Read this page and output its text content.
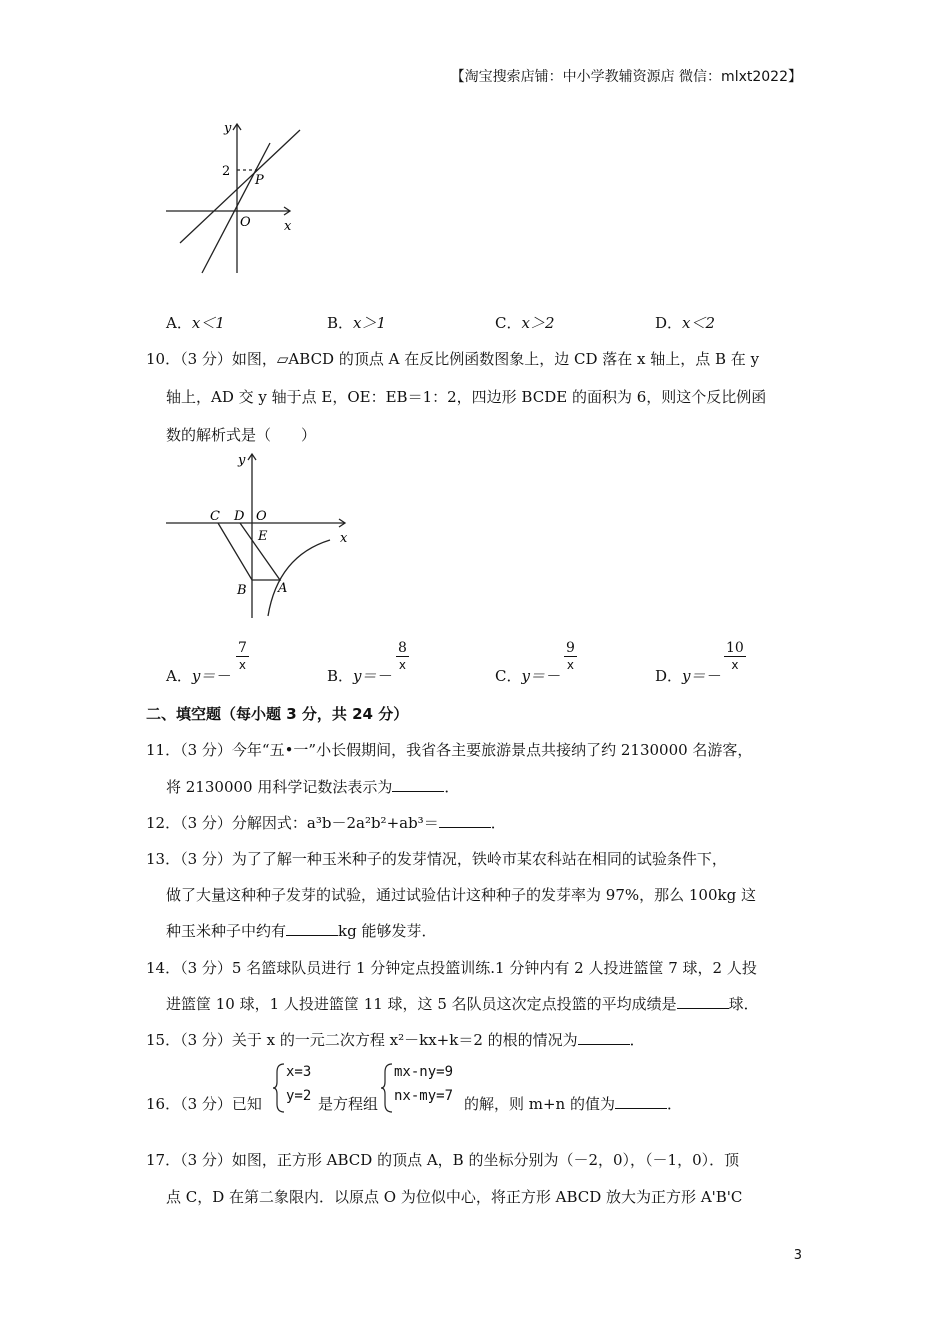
【淘宝搜索店铺：中小学教辅资源店 微信：mlxt2022】
y
x
O
P
2
A．x＜1	B．x＞1	C．x＞2	D．x＜2
10．（3 分）如图，▱ABCD 的顶点 A 在反比例函数图象上，边 CD 落在 x 轴上，点 B 在 y
轴上，AD 交 y 轴于点 E，OE：EB＝1：2，四边形 BCDE 的面积为 6，则这个反比例函
数的解析式是（　　）
y
x
C D O
E
B A
A．y＝－
$\frac{7}{x}$
B．y＝－
$\frac{8}{x}$
C．y＝－
$\frac{9}{x}$
D．y＝－
$\frac{10}{x}$
二、填空题（每小题 3 分，共 24 分）
11．（3 分）今年“五•一”小长假期间，我省各主要旅游景点共接纳了约 2130000 名游客，
将 2130000 用科学记数法表示为	．
12．（3 分）分解因式：a³b－2a²b²+ab³＝	．
13．（3 分）为了了解一种玉米种子的发芽情况，铁岭市某农科站在相同的试验条件下，
做了大量这种种子发芽的试验，通过试验估计这种种子的发芽率为 97%，那么 100kg 这
种玉米种子中约有	kg 能够发芽．
14．（3 分）5 名篮球队员进行 1 分钟定点投篮训练.1 分钟内有 2 人投进篮筐 7 球，2 人投
进篮筐 10 球，1 人投进篮筐 11 球，这 5 名队员这次定点投篮的平均成绩是	球．
15．（3 分）关于 x 的一元二次方程 x²－kx+k＝2 的根的情况为	．
16．（3 分）已知
x=3
y=2 是方程组
mx-ny=9
nx-my=7 的解，则 m+n 的值为	．
17．（3 分）如图，正方形 ABCD 的顶点 A，B 的坐标分别为（－2，0），（－1，0）．顶
点 C，D 在第二象限内．以原点 O 为位似中心，将正方形 ABCD 放大为正方形 A'B'C
3
